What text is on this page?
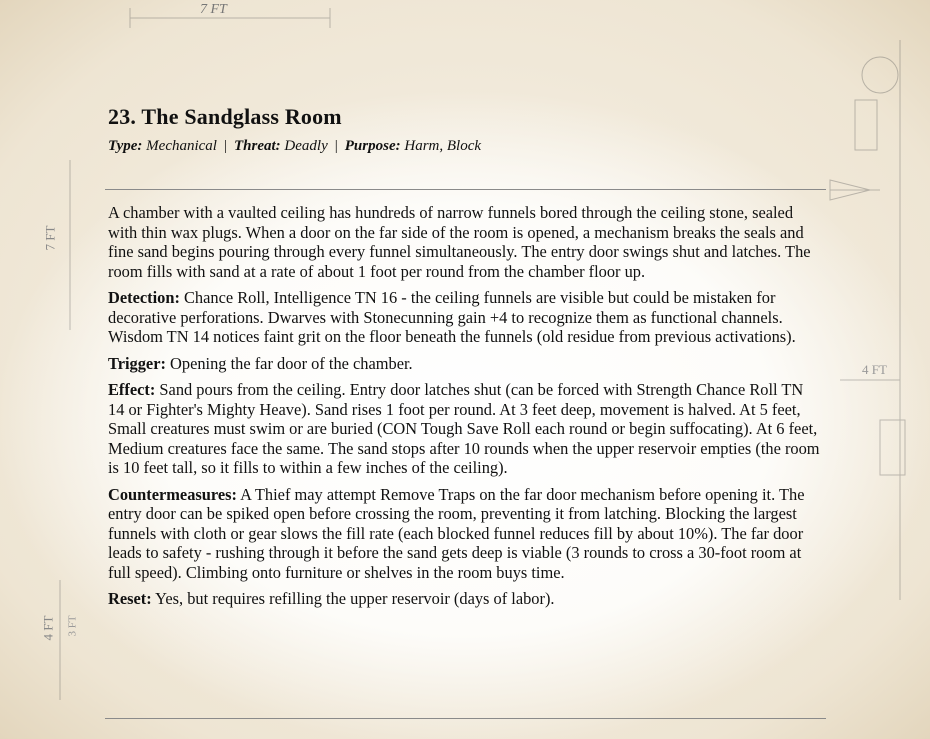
7 FT
7 FT
4 FT 3 FT
4 FT
23. The Sandglass Room
Type: Mechanical | Threat: Deadly | Purpose: Harm, Block

A chamber with a vaulted ceiling has hundreds of narrow funnels bored through the ceiling stone, sealed with thin wax plugs. When a door on the far side of the room is opened, a mechanism breaks the seals and fine sand begins pouring through every funnel simultaneously. The entry door swings shut and latches. The room fills with sand at a rate of about 1 foot per round from the chamber floor up.

Detection: Chance Roll, Intelligence TN 16 - the ceiling funnels are visible but could be mistaken for decorative perforations. Dwarves with Stonecunning gain +4 to recognize them as functional channels. Wisdom TN 14 notices faint grit on the floor beneath the funnels (old residue from previous activations).

Trigger: Opening the far door of the chamber.

Effect: Sand pours from the ceiling. Entry door latches shut (can be forced with Strength Chance Roll TN 14 or Fighter's Mighty Heave). Sand rises 1 foot per round. At 3 feet deep, movement is halved. At 5 feet, Small creatures must swim or are buried (CON Tough Save Roll each round or begin suffocating). At 6 feet, Medium creatures face the same. The sand stops after 10 rounds when the upper reservoir empties (the room is 10 feet tall, so it fills to within a few inches of the ceiling).

Countermeasures: A Thief may attempt Remove Traps on the far door mechanism before opening it. The entry door can be spiked open before crossing the room, preventing it from latching. Blocking the largest funnels with cloth or gear slows the fill rate (each blocked funnel reduces fill by about 10%). The far door leads to safety - rushing through it before the sand gets deep is viable (3 rounds to cross a 30-foot room at full speed). Climbing onto furniture or shelves in the room buys time.

Reset: Yes, but requires refilling the upper reservoir (days of labor).
